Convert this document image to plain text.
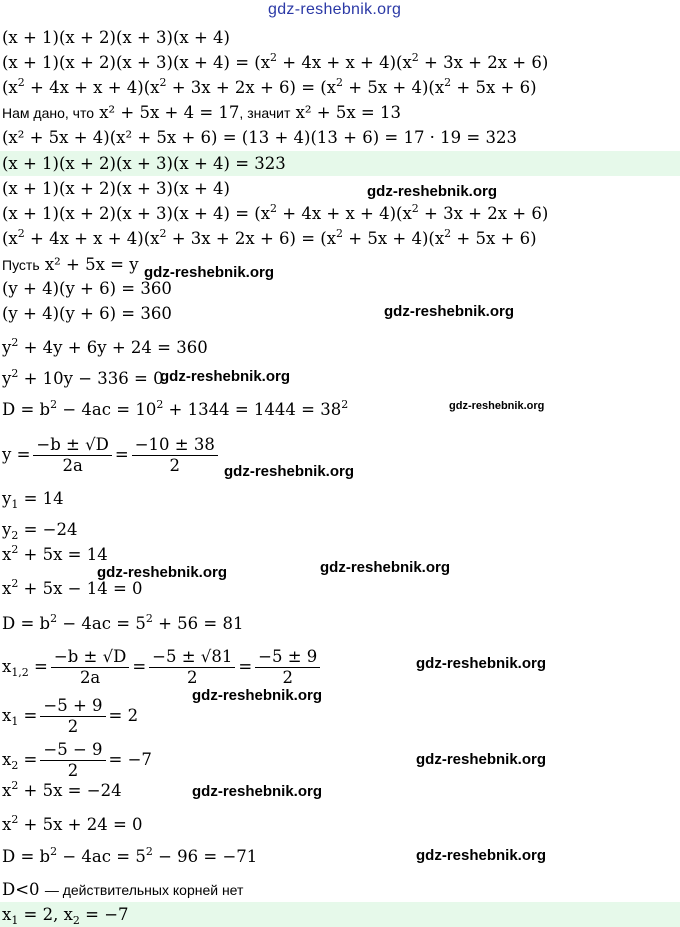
gdz-reshebnik.org
(x + 1)(x + 2)(x + 3)(x + 4)
$(x + 1)(x + 2)(x + 3)(x + 4) = (x^2 + 4x + x + 4)(x^2 + 3x + 2x + 6)$
$(x^2 + 4x + x + 4)(x^2 + 3x + 2x + 6) = (x^2 + 5x + 4)(x^2 + 5x + 6)$
Нам дано, что x² + 5x + 4 = 17, значит x² + 5x = 13
(x² + 5x + 4)(x² + 5x + 6) = (13 + 4)(13 + 6) = 17 · 19 = 323
(x + 1)(x + 2)(x + 3)(x + 4) = 323
(x + 1)(x + 2)(x + 3)(x + 4)
$(x + 1)(x + 2)(x + 3)(x + 4) = (x^2 + 4x + x + 4)(x^2 + 3x + 2x + 6)$
$(x^2 + 4x + x + 4)(x^2 + 3x + 2x + 6) = (x^2 + 5x + 4)(x^2 + 5x + 6)$
Пусть x² + 5x = y
(y + 4)(y + 6) = 360
(y + 4)(y + 6) = 360
$y^2 + 4y + 6y + 24 = 360$
$y^2 + 10y - 336 = 0$
$D = b^2 - 4ac = 10^2 + 1344 = 1444 = 38^2$
$y = \frac{-b \pm √D}{2a} = \frac{-10 \pm 38}{2}$
$y_1 = 14$
$y_2 = -24$
$x^2 + 5x = 14$
$x^2 + 5x - 14 = 0$
$D = b^2 - 4ac = 5^2 + 56 = 81$
$x_{1,2} = \frac{-b \pm √D}{2a} = \frac{-5 \pm √81}{2} = \frac{-5 \pm 9}{2}$
$x_1 = \frac{-5 + 9}{2} = 2$
$x_2 = \frac{-5 - 9}{2} = -7$
$x^2 + 5x = -24$
$x^2 + 5x + 24 = 0$
$D = b^2 - 4ac = 5^2 - 96 = -71$
D<0 — действительных корней нет
$x_1 = 2$, $x_2 = -7$
gdz-reshebnik.org
gdz-reshebnik.org
gdz-reshebnik.org
gdz-reshebnik.org
gdz-reshebnik.org
gdz-reshebnik.org
gdz-reshebnik.org	gdz-reshebnik.org
gdz-reshebnik.org
gdz-reshebnik.org
gdz-reshebnik.org
gdz-reshebnik.org
gdz-reshebnik.org
